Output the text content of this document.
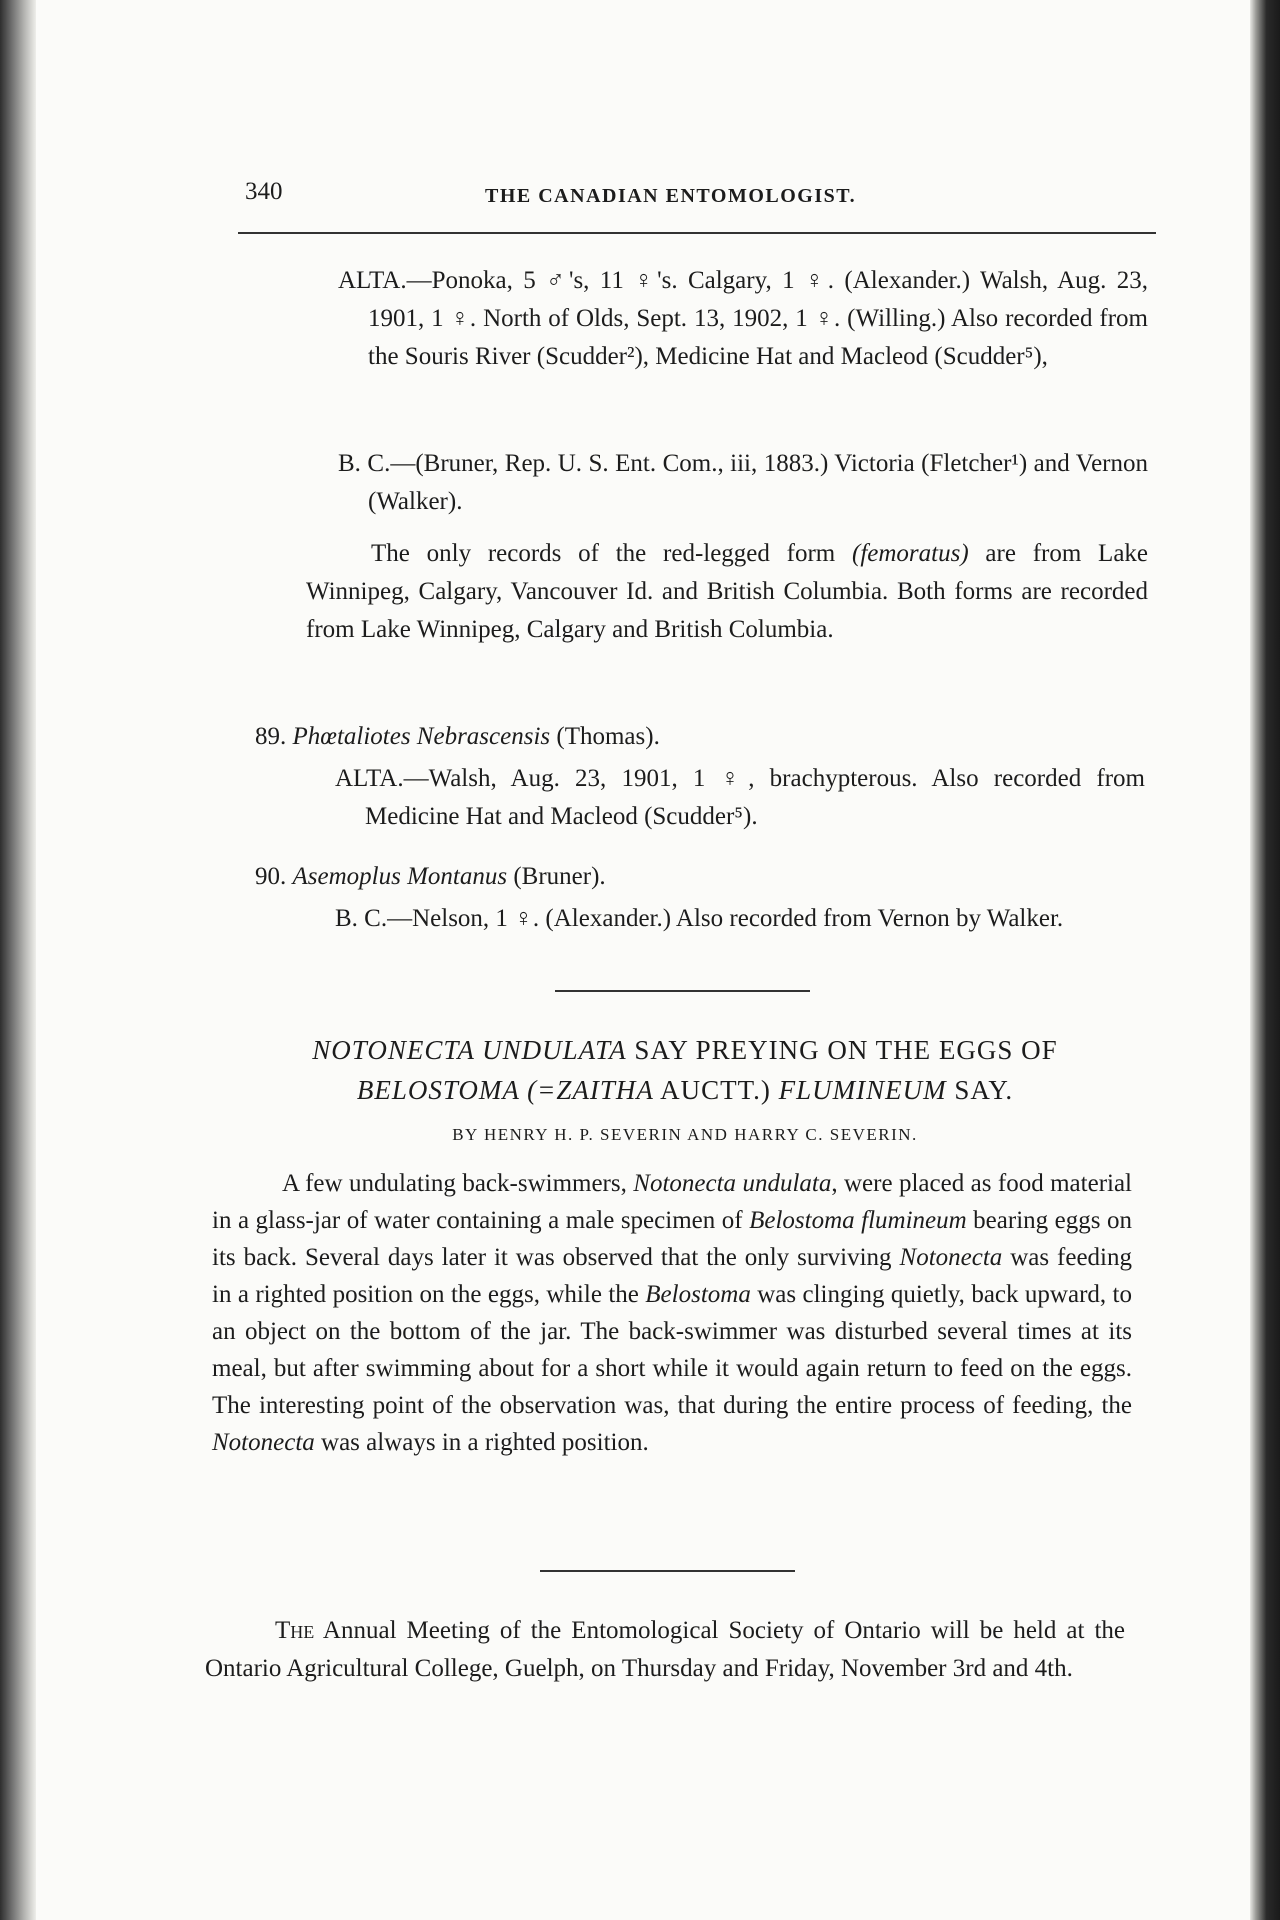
340	THE CANADIAN ENTOMOLOGIST.

ALTA.—Ponoka, 5 ♂'s, 11 ♀'s. Calgary, 1 ♀. (Alexander.) Walsh, Aug. 23, 1901, 1 ♀. North of Olds, Sept. 13, 1902, 1 ♀. (Willing.) Also recorded from the Souris River (Scudder²), Medicine Hat and Macleod (Scudder⁵),

B. C.—(Bruner, Rep. U. S. Ent. Com., iii, 1883.) Victoria (Fletcher¹) and Vernon (Walker).

The only records of the red-legged form (femoratus) are from Lake Winnipeg, Calgary, Vancouver Id. and British Columbia. Both forms are recorded from Lake Winnipeg, Calgary and British Columbia.

89. Phœtaliotes Nebrascensis (Thomas).

ALTA.—Walsh, Aug. 23, 1901, 1 ♀, brachypterous. Also recorded from Medicine Hat and Macleod (Scudder⁵).

90. Asemoplus Montanus (Bruner).

B. C.—Nelson, 1 ♀. (Alexander.) Also recorded from Vernon by Walker.

NOTONECTA UNDULATA SAY PREYING ON THE EGGS OF
BELOSTOMA (=ZAITHA AUCTT.) FLUMINEUM SAY.
BY HENRY H. P. SEVERIN AND HARRY C. SEVERIN.

A few undulating back-swimmers, Notonecta undulata, were placed as food material in a glass-jar of water containing a male specimen of Belostoma flumineum bearing eggs on its back. Several days later it was observed that the only surviving Notonecta was feeding in a righted position on the eggs, while the Belostoma was clinging quietly, back upward, to an object on the bottom of the jar. The back-swimmer was disturbed several times at its meal, but after swimming about for a short while it would again return to feed on the eggs. The interesting point of the observation was, that during the entire process of feeding, the Notonecta was always in a righted position.

The Annual Meeting of the Entomological Society of Ontario will be held at the Ontario Agricultural College, Guelph, on Thursday and Friday, November 3rd and 4th.
